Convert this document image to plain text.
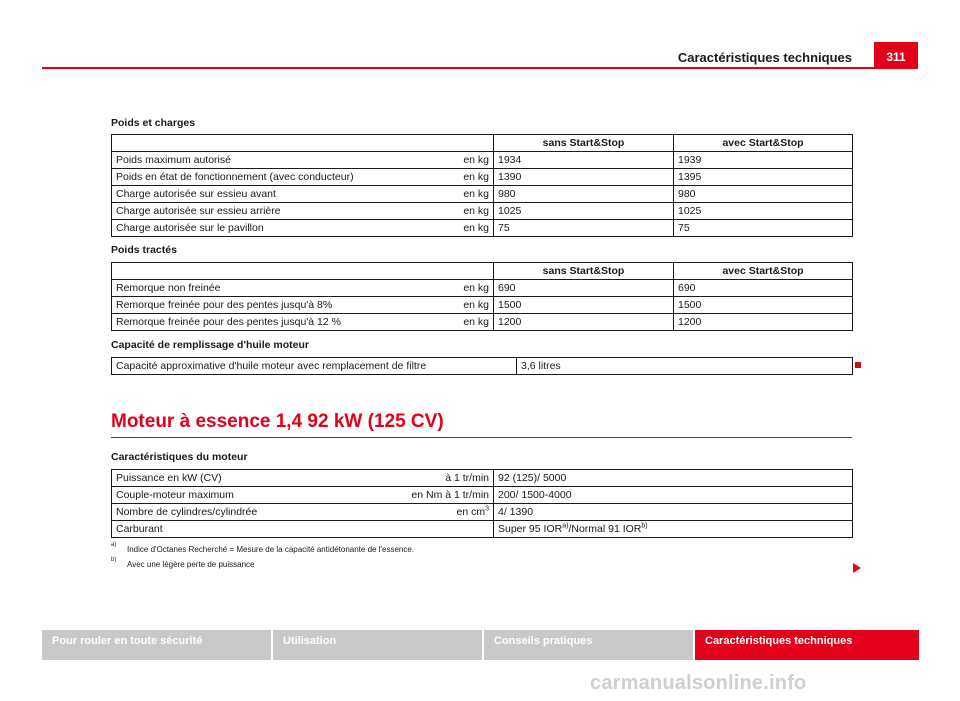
Caractéristiques techniques	311
Poids et charges
		sans Start&Stop	avec Start&Stop
Poids maximum autorisé	en kg	1934	1939
Poids en état de fonctionnement (avec conducteur)	en kg	1390	1395
Charge autorisée sur essieu avant	en kg	980	980
Charge autorisée sur essieu arrière	en kg	1025	1025
Charge autorisée sur le pavillon	en kg	75	75
Poids tractés
		sans Start&Stop	avec Start&Stop
Remorque non freinée	en kg	690	690
Remorque freinée pour des pentes jusqu'à 8%	en kg	1500	1500
Remorque freinée pour des pentes jusqu'à 12 %	en kg	1200	1200
Capacité de remplissage d'huile moteur
Capacité approximative d'huile moteur avec remplacement de filtre	3,6 litres
Moteur à essence 1,4 92 kW (125 CV)
Caractéristiques du moteur
Puissance en kW (CV)	à 1 tr/min	92 (125)/ 5000
Couple-moteur maximum	en Nm à 1 tr/min	200/ 1500-4000
Nombre de cylindres/cylindrée	en $cm^3$	4/ 1390
Carburant		Super 95 IOR$^{a)}$/Normal 91 IOR$^{b)}$
a) Indice d'Octanes Recherché = Mesure de la capacité antidétonante de l'essence.
b) Avec une légère perte de puissance
Pour rouler en toute sécurité	Utilisation	Conseils pratiques	Caractéristiques techniques
carmanualsonline.info
